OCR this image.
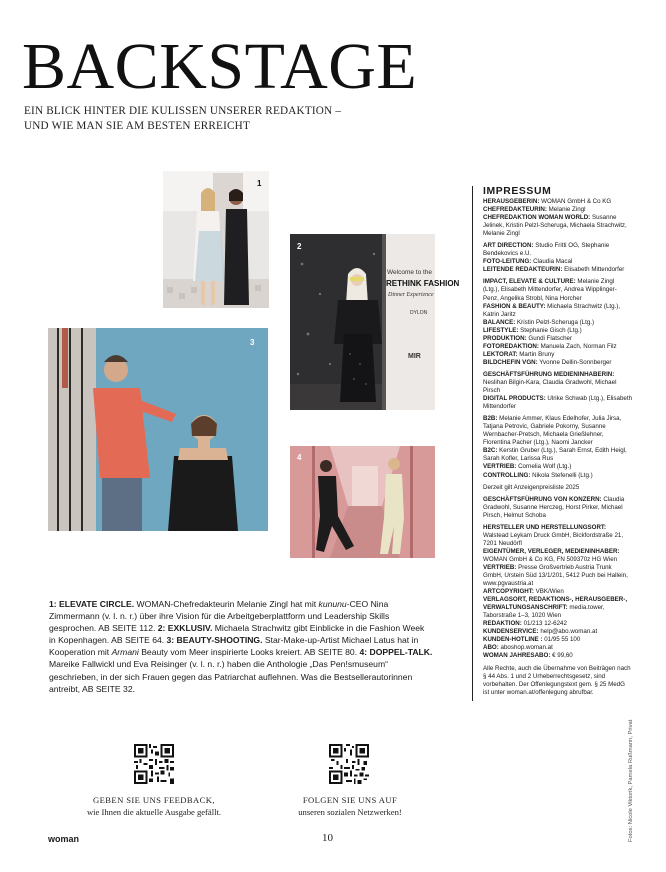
BACKSTAGE
EIN BLICK HINTER DIE KULISSEN UNSERER REDAKTION –
UND WIE MAN SIE AM BESTEN ERREICHT
1
Welcome to the
RETHINK FASHION
Dinner Experience
DYLON
MIR
2
3
4
1: ELEVATE CIRCLE. WOMAN-Chefredakteurin Melanie Zingl hat mit kununu-CEO Nina Zimmermann (v. l. n. r.) über ihre Vision für die Arbeitgeberplattform und Leadership Skills gesprochen. AB SEITE 112. 2: EXKLUSIV. Michaela Strachwitz gibt Einblicke in die Fashion Week in Kopenhagen. AB SEITE 64. 3: BEAUTY-SHOOTING. Star-Make-up-Artist Michael Latus hat in Kooperation mit Armani Beauty vom Meer inspirierte Looks kreiert. AB SEITE 80. 4: DOPPEL-TALK. Mareike Fallwickl und Eva Reisinger (v. l. n. r.) haben die Anthologie „Das Pen!smuseum“ geschrieben, in der sich Frauen gegen das Patriarchat auflehnen. Was die Bestsellerautorinnen antreibt, AB SEITE 32.
GEBEN SIE UNS FEEDBACK,
wie Ihnen die aktuelle Ausgabe gefällt.
FOLGEN SIE UNS AUF
unseren sozialen Netzwerken!
IMPRESSUM

HERAUSGEBERIN: WOMAN GmbH & Co KG
CHEFREDAKTEURIN: Melanie Zingl
CHEFREDAKTION WOMAN WORLD: Susanne Jelinek, Kristin Pelzl-Scheruga, Michaela Strachwitz, Melanie Zingl

ART DIRECTION: Studio Fritti OG, Stephanie Bendekovics e.U.
FOTO-LEITUNG: Claudia Macal
LEITENDE REDAKTEURIN: Elisabeth Mittendorfer

IMPACT, ELEVATE & CULTURE: Melanie Zingl (Ltg.), Elisabeth Mittendorfer, Andrea Wipplinger-Penz, Angelika Strobl, Nina Horcher
FASHION & BEAUTY: Michaela Strachwitz (Ltg.), Katrin Jaritz
BALANCE: Kristin Pelzl-Scheruga (Ltg.)
LIFESTYLE: Stephanie Gisch (Ltg.)
PRODUKTION: Gundi Flatscher
FOTOREDAKTION: Manuela Zach, Norman Filz
LEKTORAT: Martin Bruny
BILDCHEFIN VGN: Yvonne Dellin-Sonnberger

GESCHÄFTSFÜHRUNG MEDIENINHABERIN: Neslihan Bilgin-Kara, Claudia Gradwohl, Michael Pirsch
DIGITAL PRODUCTS: Ulrike Schwab (Ltg.), Elisabeth Mittendorfer

B2B: Melanie Ammer, Klaus Edelhofer, Julia Jirsa, Tatjana Petrovic, Gabriele Pokorny, Susanne Wernbacher-Pretsch, Michaela Grießlehner, Florentina Pacher (Ltg.), Naomi Jancker
B2C: Kerstin Gruber (Ltg.), Sarah Ernst, Edith Heigl, Sarah Kofler, Larissa Rus
VERTRIEB: Cornelia Wolf (Ltg.)
CONTROLLING: Nikola Stefenelli (Ltg.)

Derzeit gilt Anzeigenpreisliste 2025

GESCHÄFTSFÜHRUNG VGN KONZERN: Claudia Gradwohl, Susanne Herczeg, Horst Pirker, Michael Pirsch, Helmut Schoba

HERSTELLER UND HERSTELLUNGSORT: Walstead Leykam Druck GmbH, Bickfordstraße 21, 7201 Neudörfl
EIGENTÜMER, VERLEGER, MEDIENINHABER: WOMAN GmbH & Co KG, FN 509370z HG Wien
VERTRIEB: Presse Großvertrieb Austria Trunk GmbH, Urstein Süd 13/1/201, 5412 Puch bei Hallein, www.pgvaustria.at
ARTCOPYRIGHT: VBK/Wien
VERLAGSORT, REDAKTIONS-, HERAUSGEBER-, VERWALTUNGSANSCHRIFT: media.tower, Taborstraße 1–3, 1020 Wien
REDAKTION: 01/213 12-6242
KUNDENSERVICE: help@abo.woman.at
KUNDEN-HOTLINE : 01/95 55 100
ABO: aboshop.woman.at
WOMAN JAHRESABO: € 99,60

Alle Rechte, auch die Übernahme von Beiträgen nach § 44 Abs. 1 und 2 Urheberrechtsgesetz, sind vorbehalten. Der Offenlegungstext gem. § 25 MedG ist unter woman.at/offenlegung abrufbar.

Fotos: Nicole Viktorik, Pamela Rußmann, Privat
woman	10
